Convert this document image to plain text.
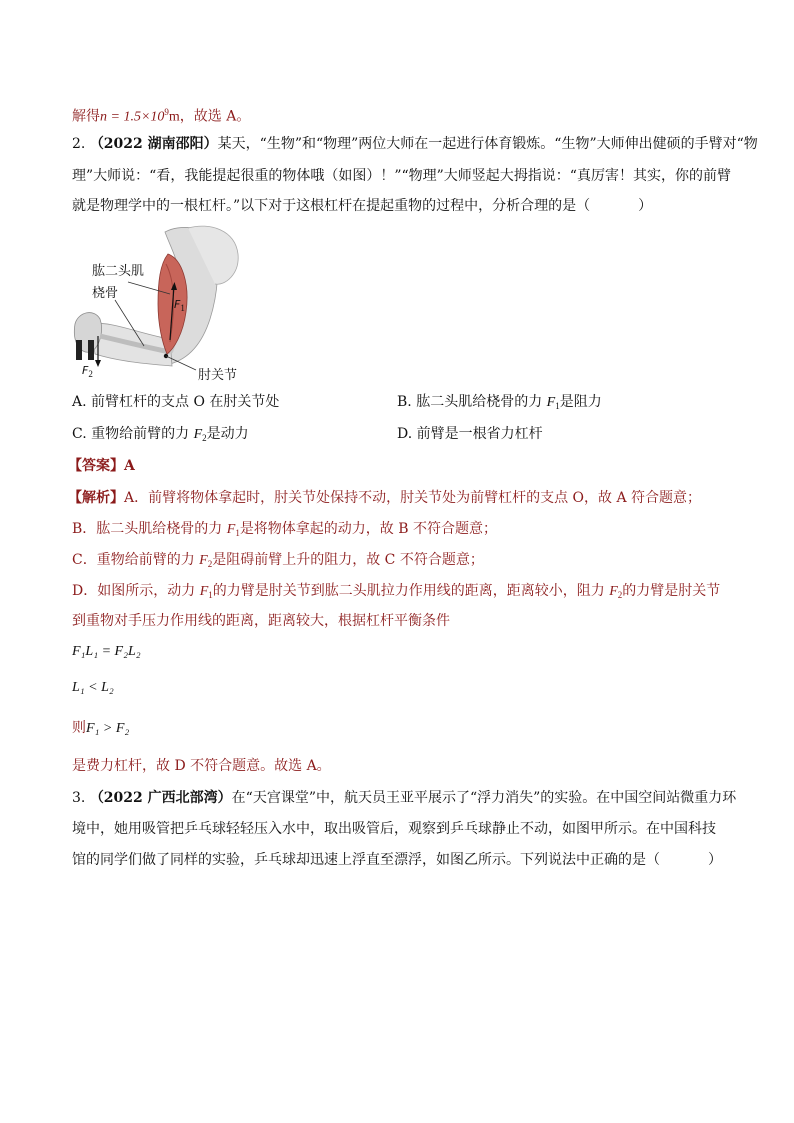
解得$n = 1.5\times 10^9m$，故选 A。
2. （2022 湖南邵阳）某天，“生物”和“物理”两位大师在一起进行体育锻炼。“生物”大师伸出健硕的手臂对“物
理”大师说：“看，我能提起很重的物体哦（如图）！”“物理”大师竖起大拇指说：“真厉害！其实，你的前臂
就是物理学中的一根杠杆。”以下对于这根杠杆在提起重物的过程中，分析合理的是（	）
肱二头肌
桡骨
肘关节
$F_1$
$F_2$
A. 前臂杠杆的支点 O 在肘关节处	B. 肱二头肌给桡骨的力 $F_1$是阻力
C. 重物给前臂的力 $F_2$是动力	D. 前臂是一根省力杠杆
【答案】A
【解析】A．前臂将物体拿起时，肘关节处保持不动，肘关节处为前臂杠杆的支点 O，故 A 符合题意；
B．肱二头肌给桡骨的力 $F_1$是将物体拿起的动力，故 B 不符合题意；
C．重物给前臂的力 $F_2$是阻碍前臂上升的阻力，故 C 不符合题意；
D．如图所示，动力 $F_1$的力臂是肘关节到肱二头肌拉力作用线的距离，距离较小，阻力 $F_2$的力臂是肘关节
到重物对手压力作用线的距离，距离较大，根据杠杆平衡条件
F₁L₁ = F₂L₂
L₁ < L₂
则F₁ > F₂
是费力杠杆，故 D 不符合题意。故选 A。
3. （2022 广西北部湾）在“天宫课堂”中，航天员王亚平展示了“浮力消失”的实验。在中国空间站微重力环
境中，她用吸管把乒乓球轻轻压入水中，取出吸管后，观察到乒乓球静止不动，如图甲所示。在中国科技
馆的同学们做了同样的实验，乒乓球却迅速上浮直至漂浮，如图乙所示。下列说法中正确的是（	）
